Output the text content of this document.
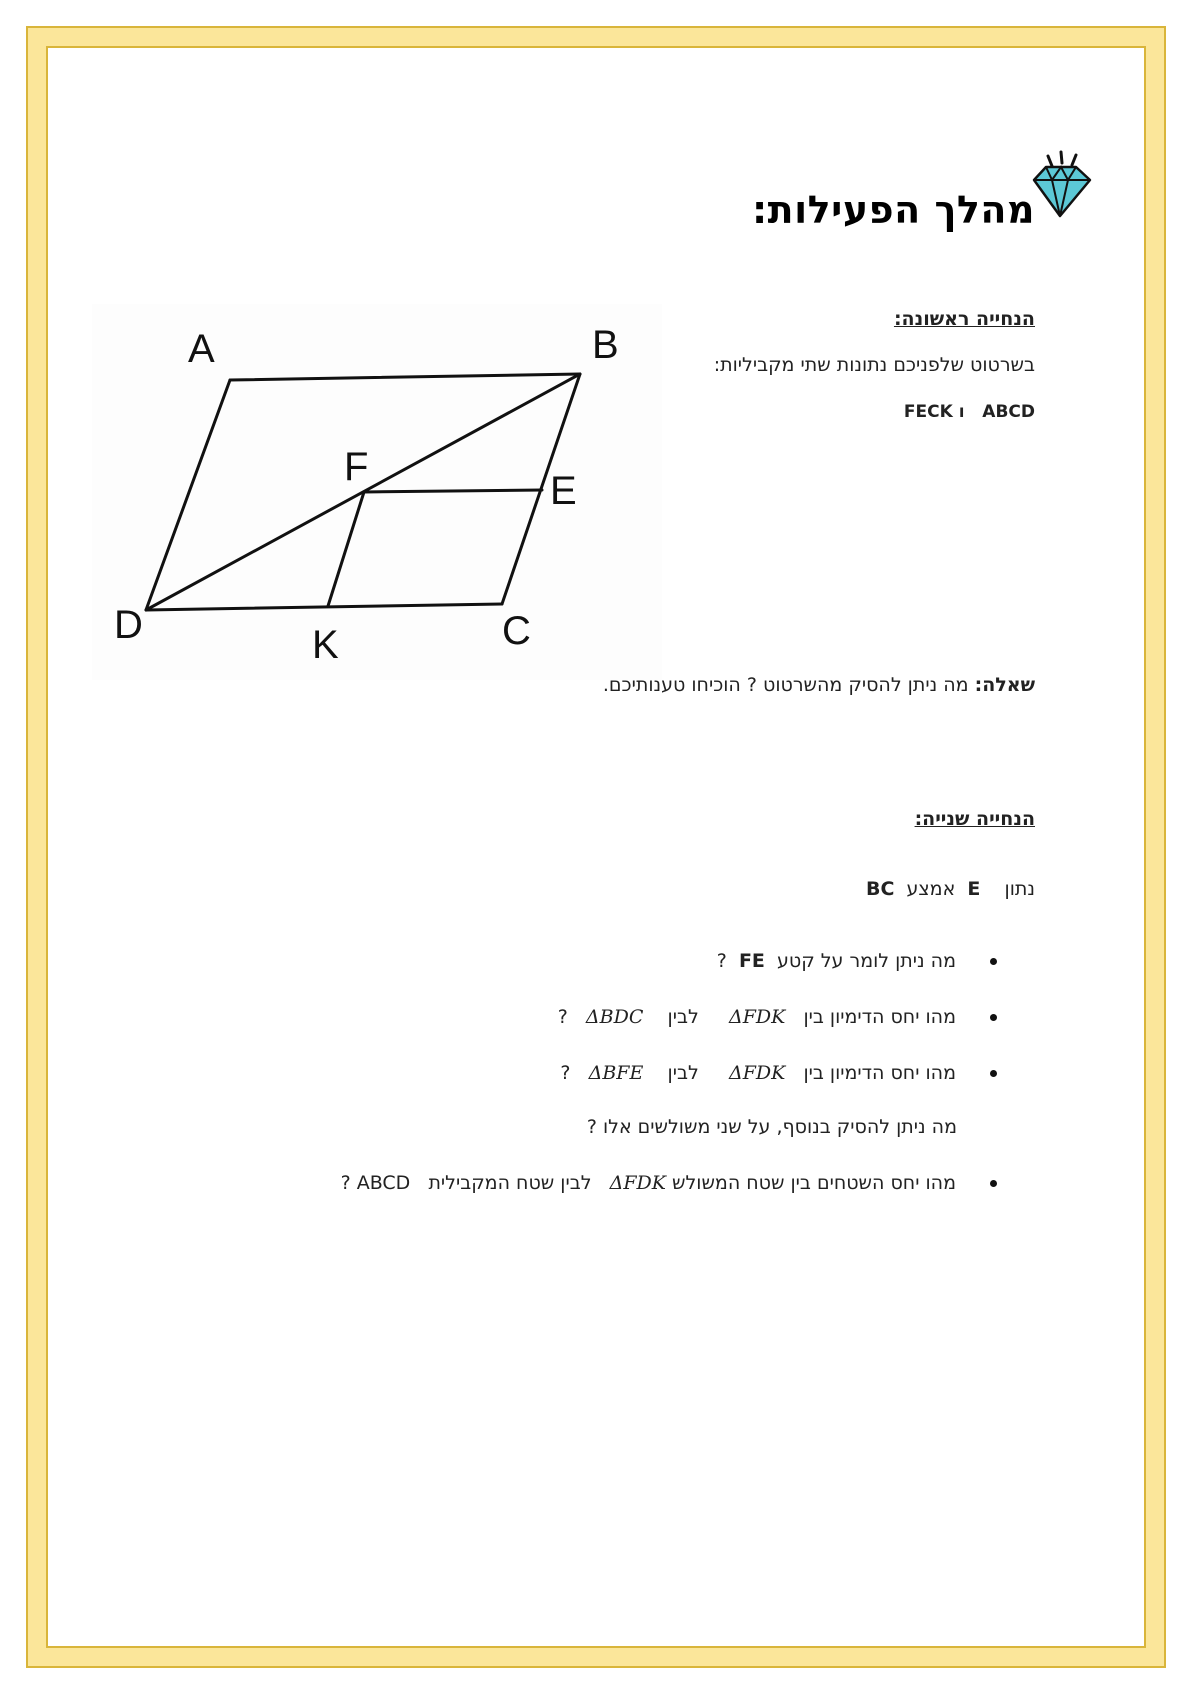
מהלך הפעילות:
הנחייה ראשונה:
בשרטוט שלפניכם נתונות שתי מקביליות:
ABCD   ו FECK
A	B
C
D
E
F
K
שאלה: מה ניתן להסיק מהשרטוט ? הוכיחו טענותיכם.
הנחייה שנייה:
נתון    E  אמצע  BC
מה ניתן לומר על קטע  FE  ?
מהו יחס הדימיון בין   ΔFDK     לבין    ΔBDC   ?
מהו יחס הדימיון בין   ΔFDK     לבין    ΔBFE   ?
מה ניתן להסיק בנוסף, על שני משולשים אלו ?
מהו יחס השטחים בין שטח המשולש ΔFDK   לבין שטח המקבילית   ABCD ?
